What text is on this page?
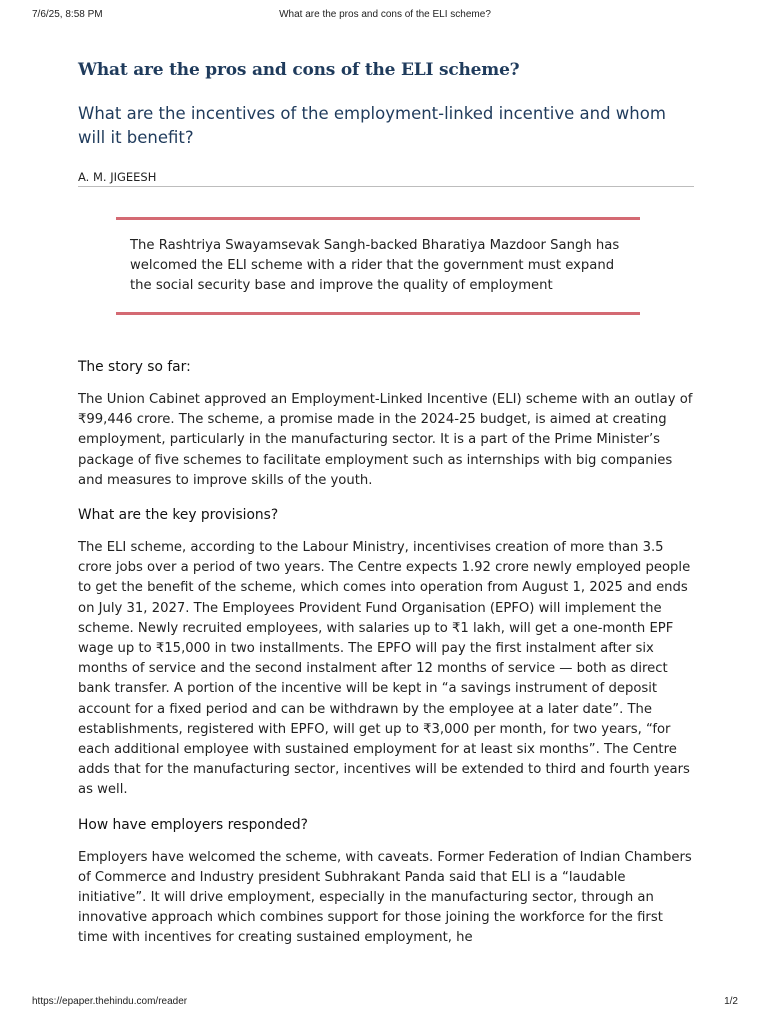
7/6/25, 8:58 PM	What are the pros and cons of the ELI scheme?
What are the pros and cons of the ELI scheme?
What are the incentives of the employment-linked incentive and whom will it benefit?
A. M. JIGEESH
The Rashtriya Swayamsevak Sangh-backed Bharatiya Mazdoor Sangh has welcomed the ELI scheme with a rider that the government must expand the social security base and improve the quality of employment
The story so far:

The Union Cabinet approved an Employment-Linked Incentive (ELI) scheme with an outlay of ₹99,446 crore. The scheme, a promise made in the 2024-25 budget, is aimed at creating employment, particularly in the manufacturing sector. It is a part of the Prime Minister’s package of five schemes to facilitate employment such as internships with big companies and measures to improve skills of the youth.

What are the key provisions?

The ELI scheme, according to the Labour Ministry, incentivises creation of more than 3.5 crore jobs over a period of two years. The Centre expects 1.92 crore newly employed people to get the benefit of the scheme, which comes into operation from August 1, 2025 and ends on July 31, 2027. The Employees Provident Fund Organisation (EPFO) will implement the scheme. Newly recruited employees, with salaries up to ₹1 lakh, will get a one-month EPF wage up to ₹15,000 in two installments. The EPFO will pay the first instalment after six months of service and the second instalment after 12 months of service — both as direct bank transfer. A portion of the incentive will be kept in “a savings instrument of deposit account for a fixed period and can be withdrawn by the employee at a later date”. The establishments, registered with EPFO, will get up to ₹3,000 per month, for two years, “for each additional employee with sustained employment for at least six months”. The Centre adds that for the manufacturing sector, incentives will be extended to third and fourth years as well.

How have employers responded?

Employers have welcomed the scheme, with caveats. Former Federation of Indian Chambers of Commerce and Industry president Subhrakant Panda said that ELI is a “laudable initiative”. It will drive employment, especially in the manufacturing sector, through an innovative approach which combines support for those joining the workforce for the first time with incentives for creating sustained employment, he

https://epaper.thehindu.com/reader	1/2
